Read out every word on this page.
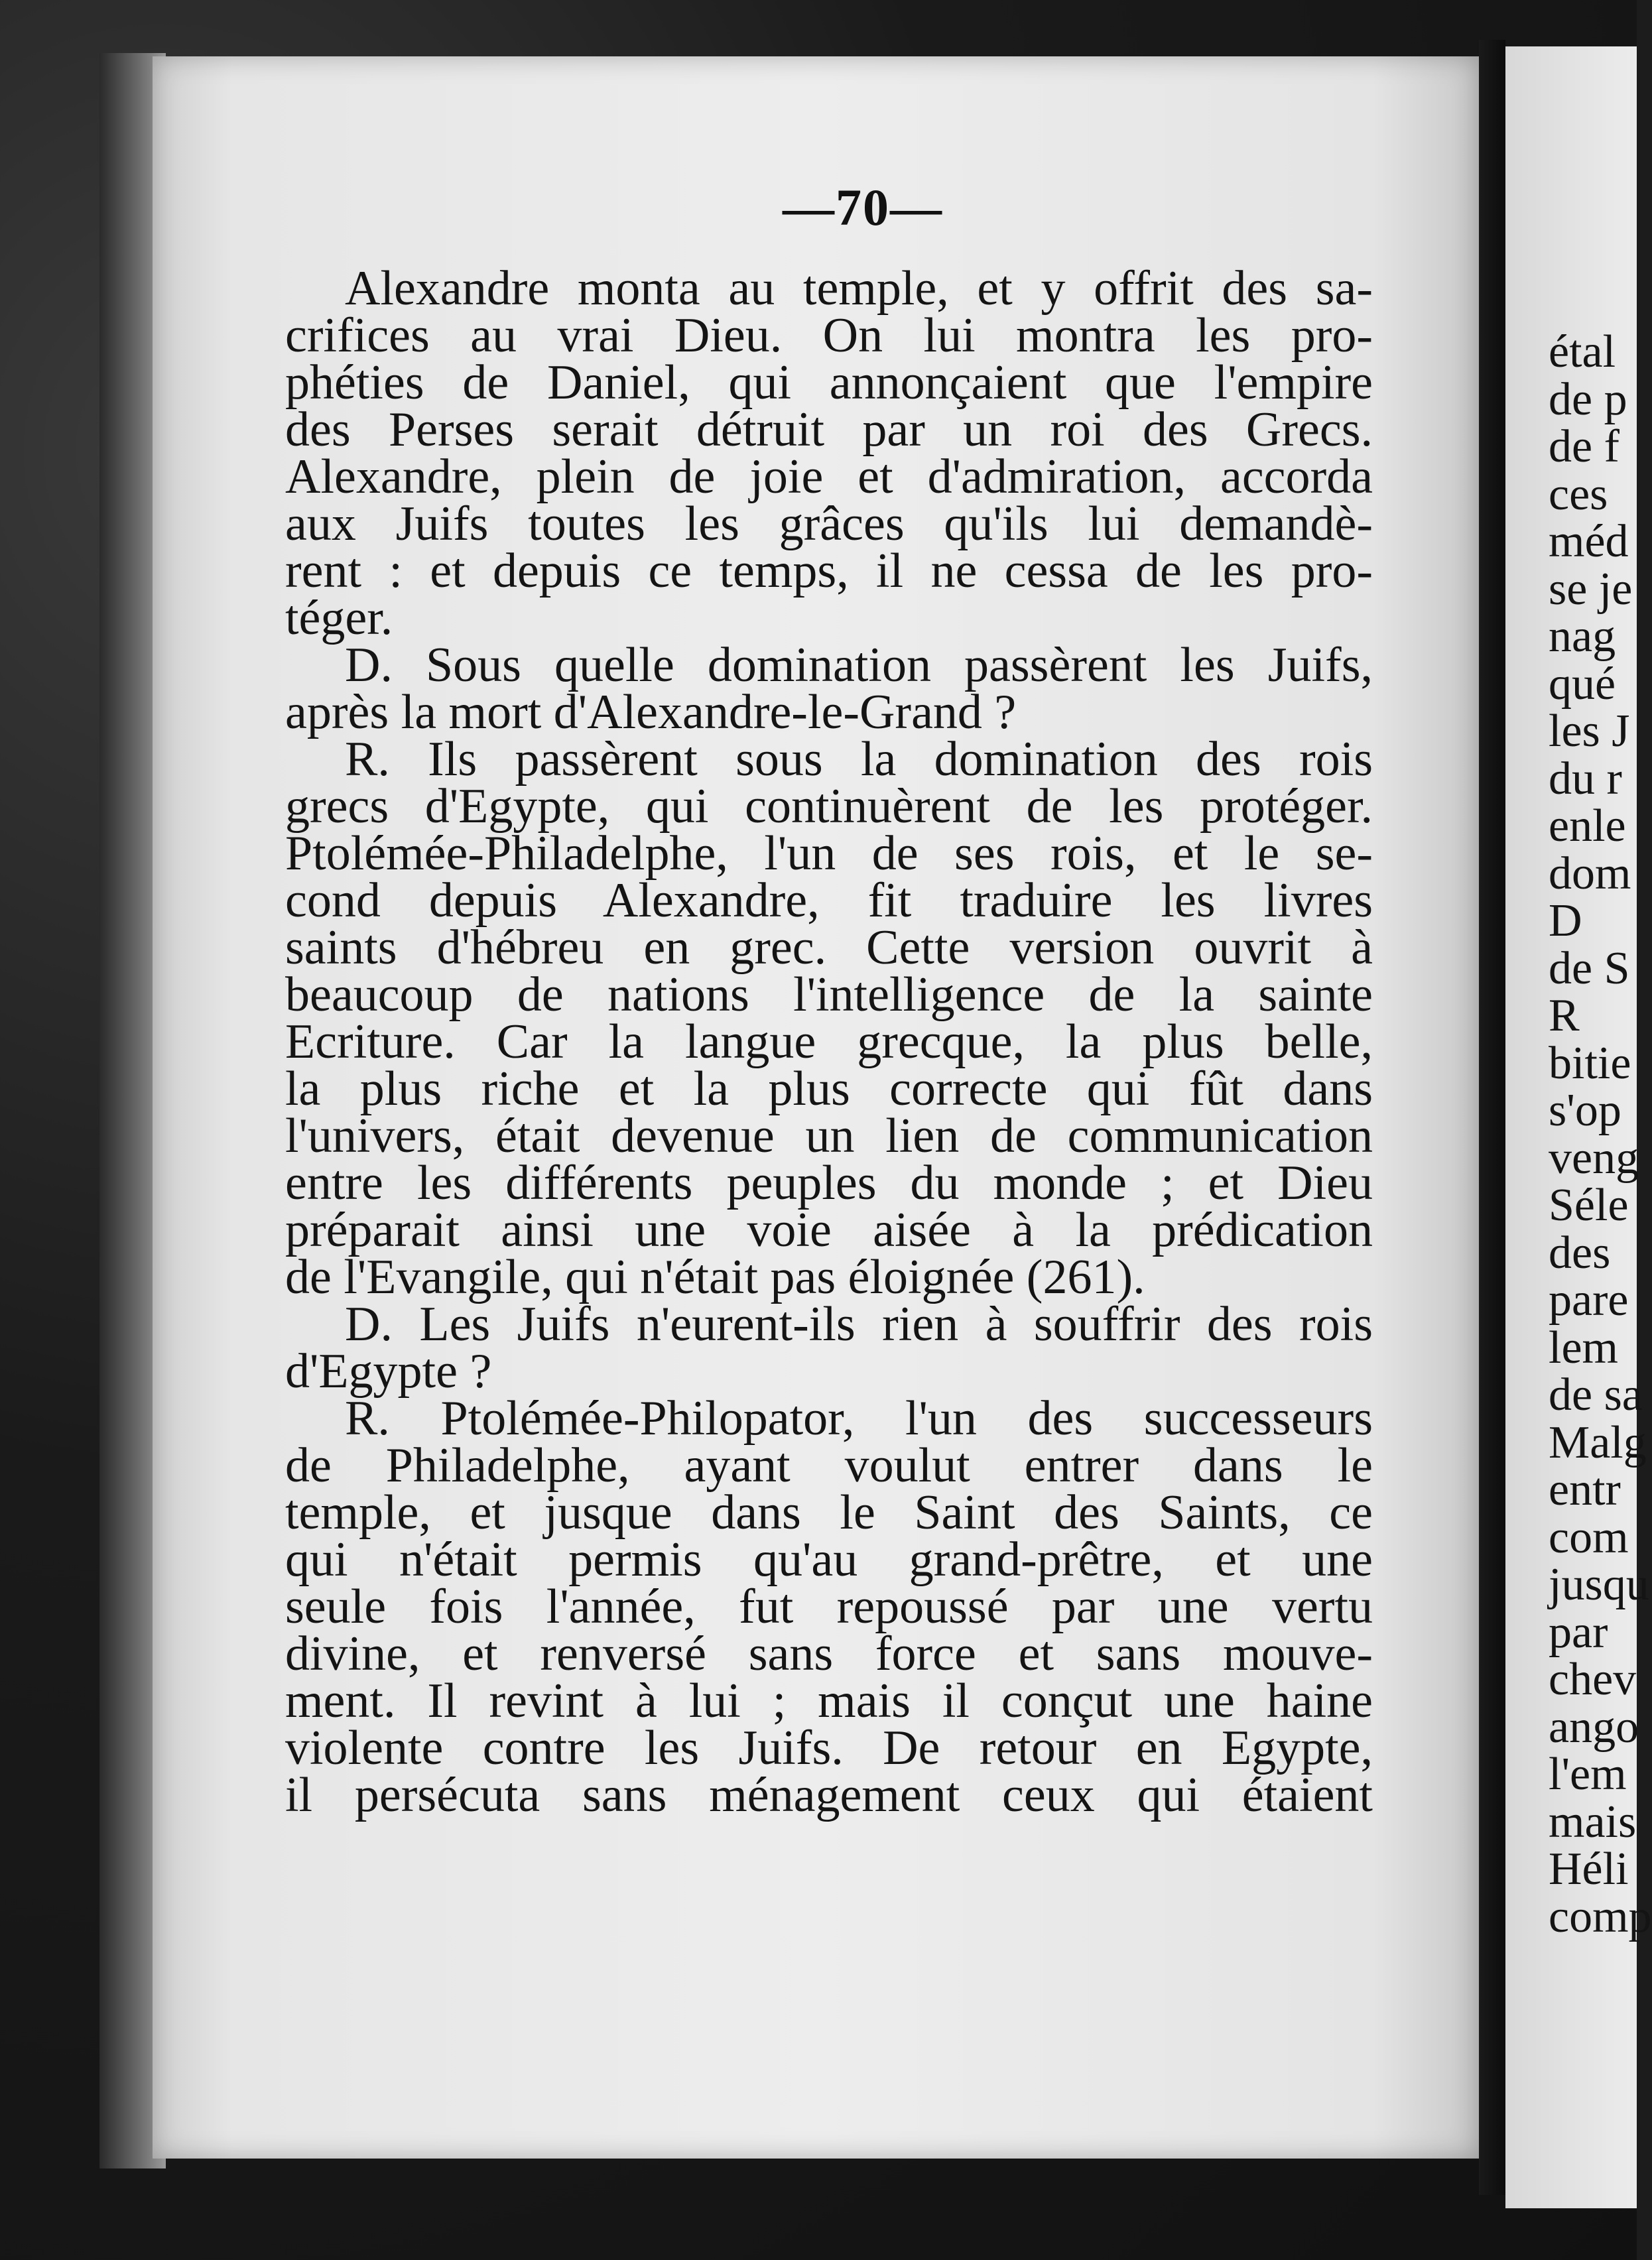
—70—
Alexandre monta au temple, et y offrit des sa-
crifices au vrai Dieu. On lui montra les pro-
phéties de Daniel, qui annonçaient que l'empire
des Perses serait détruit par un roi des Grecs.
Alexandre, plein de joie et d'admiration, accorda
aux Juifs toutes les grâces qu'ils lui demandè-
rent : et depuis ce temps, il ne cessa de les pro-
téger.
D. Sous quelle domination passèrent les Juifs,
après la mort d'Alexandre-le-Grand ?
R. Ils passèrent sous la domination des rois
grecs d'Egypte, qui continuèrent de les protéger.
Ptolémée-Philadelphe, l'un de ses rois, et le se-
cond depuis Alexandre, fit traduire les livres
saints d'hébreu en grec. Cette version ouvrit à
beaucoup de nations l'intelligence de la sainte
Ecriture. Car la langue grecque, la plus belle,
la plus riche et la plus correcte qui fût dans
l'univers, était devenue un lien de communication
entre les différents peuples du monde ; et Dieu
préparait ainsi une voie aisée à la prédication
de l'Evangile, qui n'était pas éloignée (261).
D. Les Juifs n'eurent-ils rien à souffrir des rois
d'Egypte ?
R. Ptolémée-Philopator, l'un des successeurs
de Philadelphe, ayant voulut entrer dans le
temple, et jusque dans le Saint des Saints, ce
qui n'était permis qu'au grand-prêtre, et une
seule fois l'année, fut repoussé par une vertu
divine, et renversé sans force et sans mouve-
ment. Il revint à lui ; mais il conçut une haine
violente contre les Juifs. De retour en Egypte,
il persécuta sans ménagement ceux qui étaient
étal
de p
de f
ces
méd
se je
nag
qué
les J
du r
enle
dom
D
de S
R
bitie
s'op
veng
Séle
des
pare
lem
de sa
Malg
entr
com
jusqu
par
chev
ango
l'em
mais
Héli
comp
